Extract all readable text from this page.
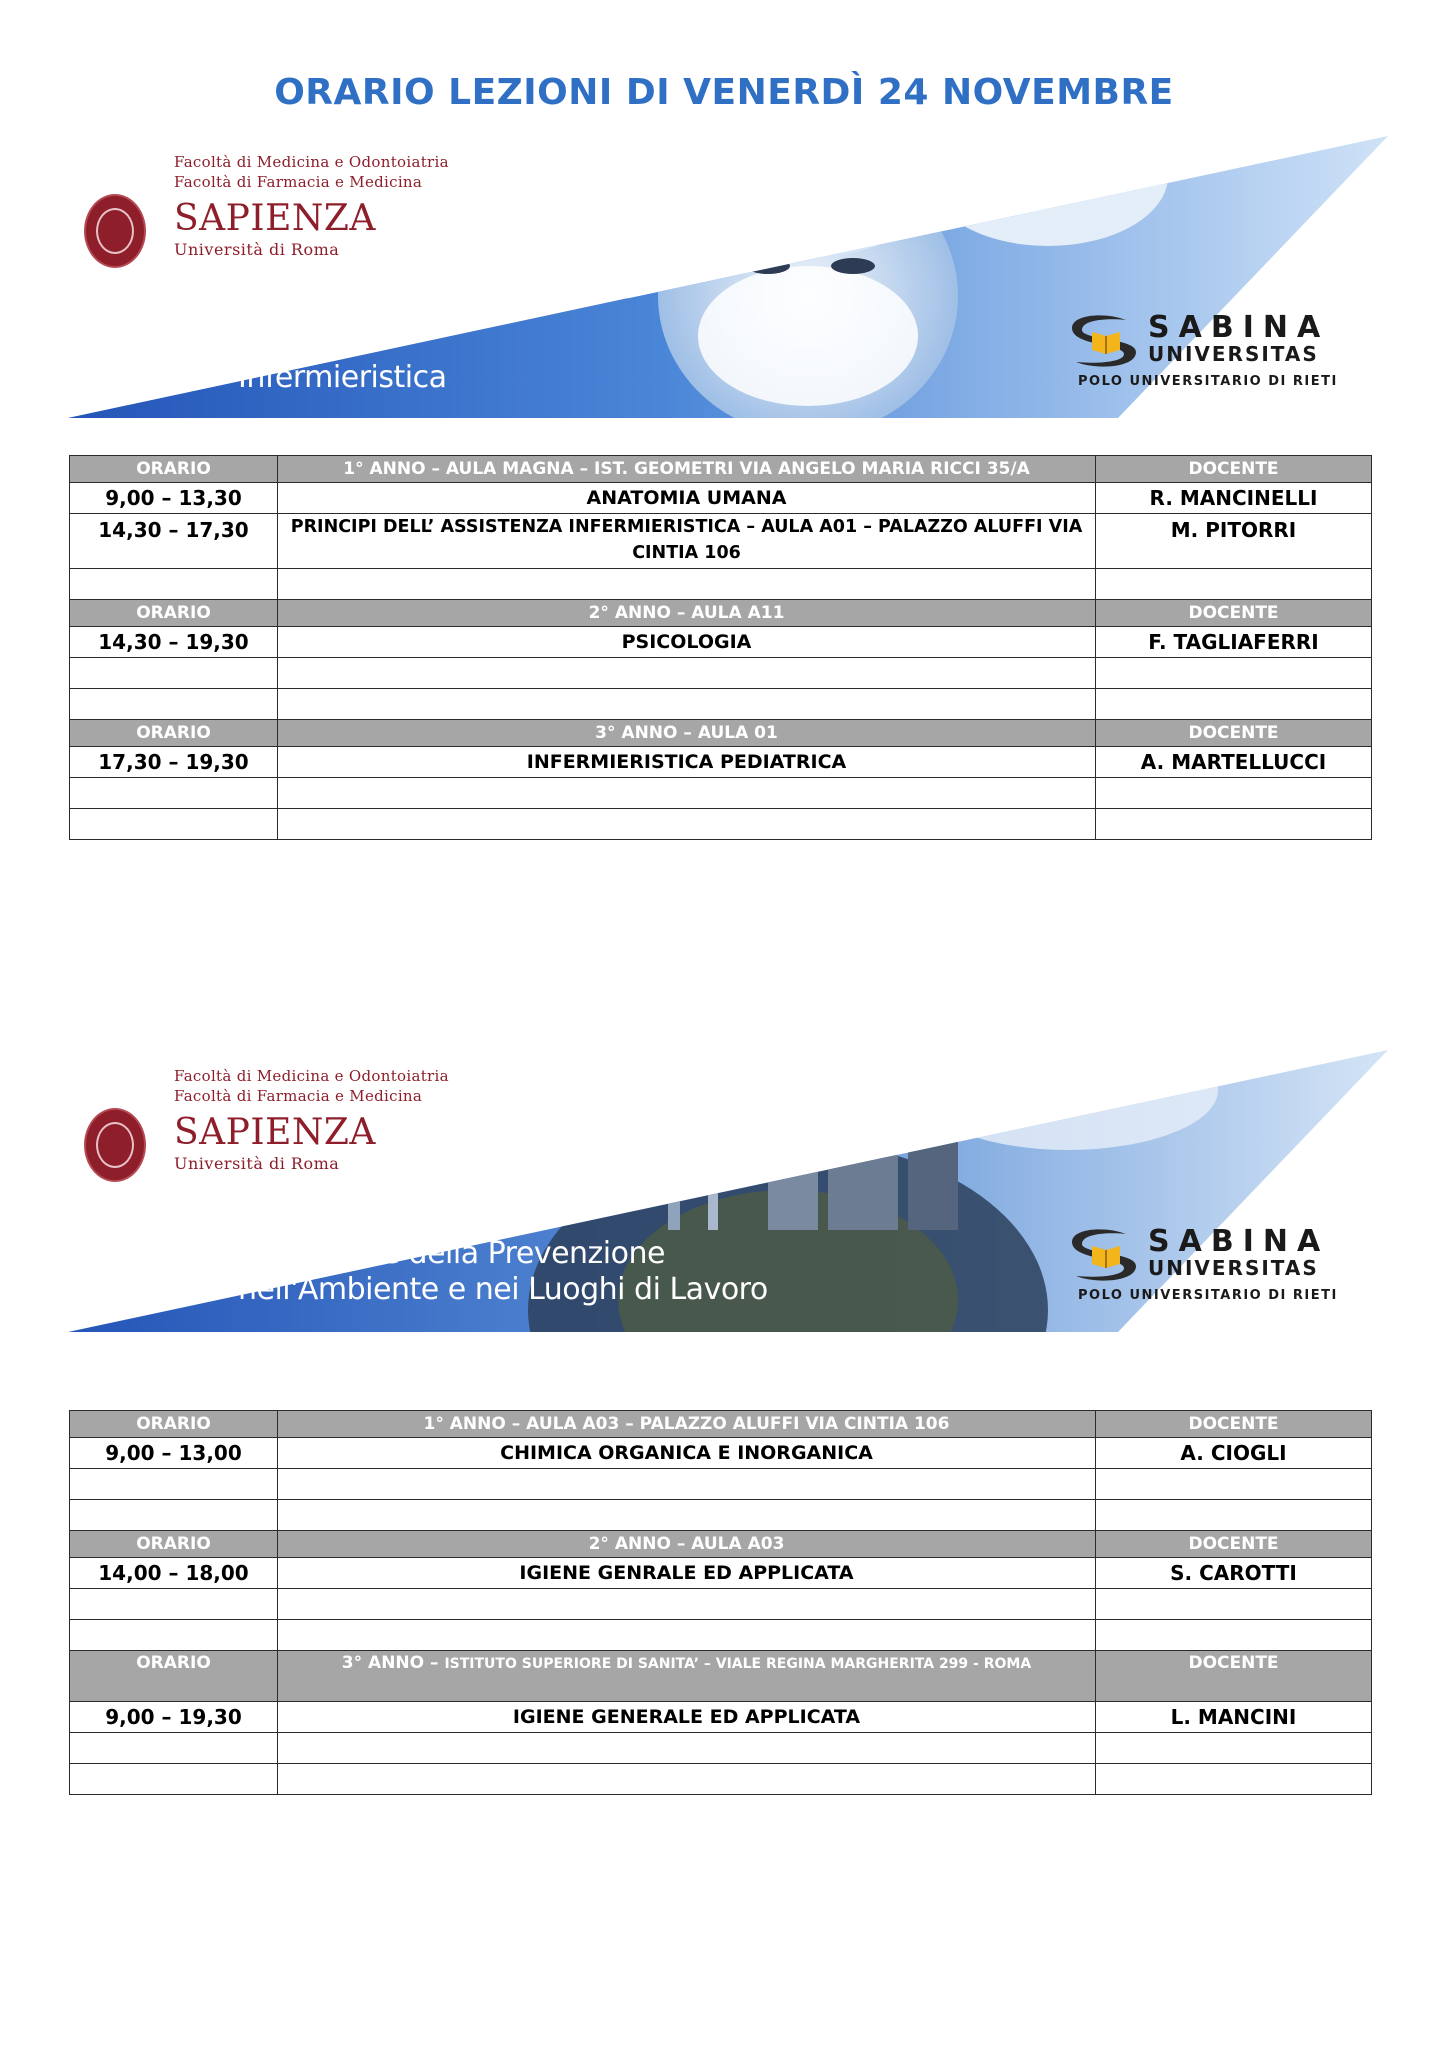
ORARIO LEZIONI DI VENERDÌ 24 NOVEMBRE
Facoltà di Medicina e Odontoiatria
Facoltà di Farmacia e Medicina
SAPIENZA
Università di Roma
Infermieristica
SABINA
UNIVERSITAS
POLO UNIVERSITARIO DI RIETI
ORARIO	1° ANNO – AULA MAGNA – IST. GEOMETRI VIA ANGELO MARIA RICCI 35/A	DOCENTE
9,00 – 13,30	ANATOMIA UMANA	R. MANCINELLI
14,30 – 17,30	PRINCIPI DELL’ ASSISTENZA INFERMIERISTICA – AULA A01 – PALAZZO ALUFFI VIA CINTIA 106	M. PITORRI

ORARIO	2° ANNO – AULA A11	DOCENTE
14,30 – 19,30	PSICOLOGIA	F. TAGLIAFERRI

ORARIO	3° ANNO – AULA 01	DOCENTE
17,30 – 19,30	INFERMIERISTICA PEDIATRICA	A. MARTELLUCCI

Facoltà di Medicina e Odontoiatria
Facoltà di Farmacia e Medicina
SAPIENZA
Università di Roma
Tecniche della Prevenzione
nell'Ambiente e nei Luoghi di Lavoro
SABINA
UNIVERSITAS
POLO UNIVERSITARIO DI RIETI
ORARIO	1° ANNO – AULA A03 – PALAZZO ALUFFI VIA CINTIA 106	DOCENTE
9,00 – 13,00	CHIMICA ORGANICA E INORGANICA	A. CIOGLI

ORARIO	2° ANNO – AULA A03	DOCENTE
14,00 – 18,00	IGIENE GENRALE ED APPLICATA	S. CAROTTI

ORARIO	3° ANNO – ISTITUTO SUPERIORE DI SANITA’ – VIALE REGINA MARGHERITA 299 - ROMA	DOCENTE
9,00 – 19,30	IGIENE GENERALE ED APPLICATA	L. MANCINI
